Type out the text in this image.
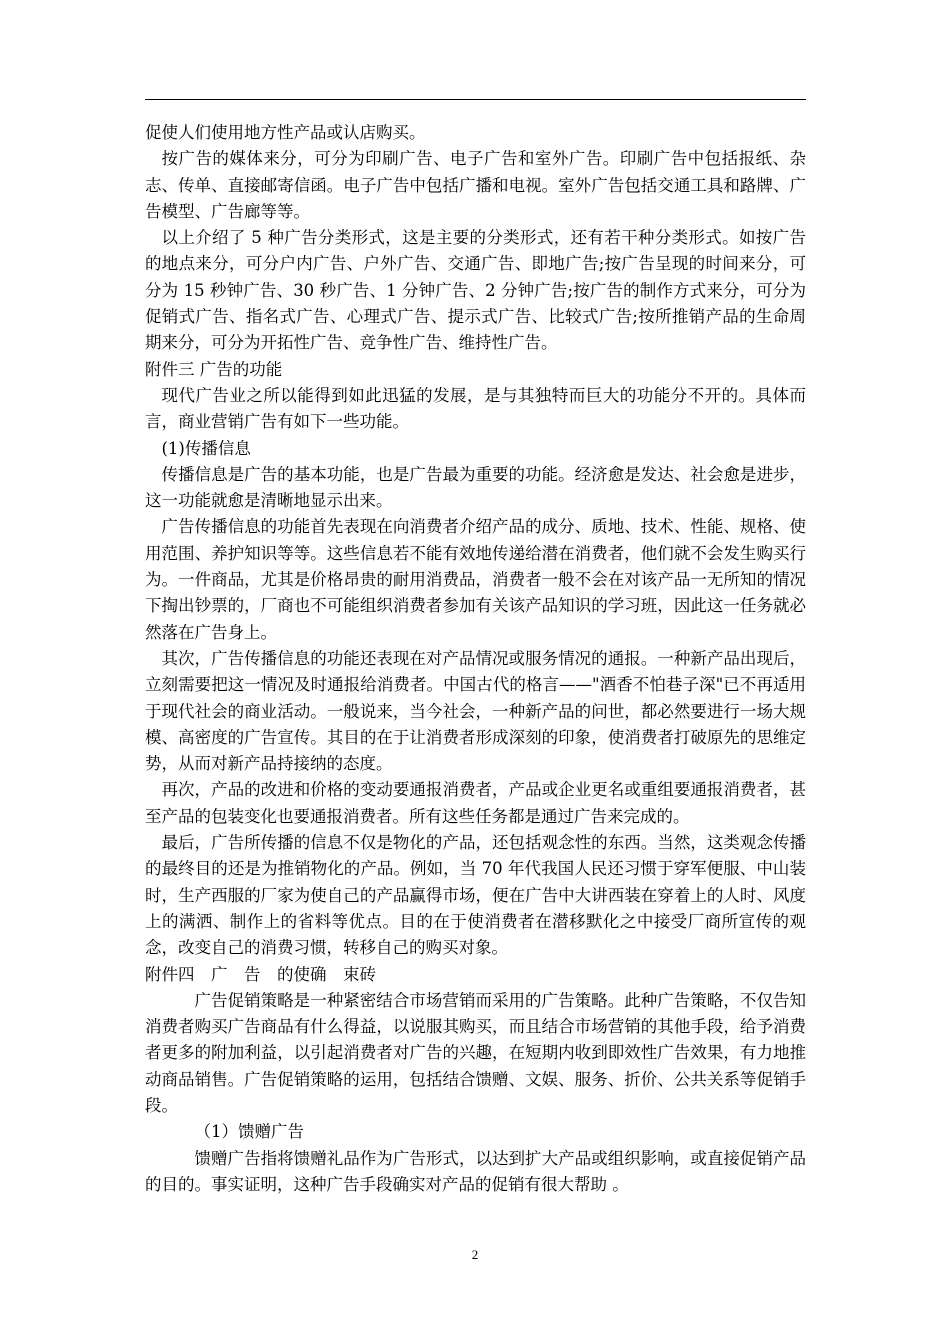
促使人们使用地方性产品或认店购买。

按广告的媒体来分，可分为印刷广告、电子广告和室外广告。印刷广告中包括报纸、杂志、传单、直接邮寄信函。电子广告中包括广播和电视。室外广告包括交通工具和路牌、广告模型、广告廊等等。

以上介绍了 5 种广告分类形式，这是主要的分类形式，还有若干种分类形式。如按广告的地点来分，可分户内广告、户外广告、交通广告、即地广告;按广告呈现的时间来分，可分为 15 秒钟广告、30 秒广告、1 分钟广告、2 分钟广告;按广告的制作方式来分，可分为促销式广告、指名式广告、心理式广告、提示式广告、比较式广告;按所推销产品的生命周期来分，可分为开拓性广告、竞争性广告、维持性广告。

附件三 广告的功能

现代广告业之所以能得到如此迅猛的发展，是与其独特而巨大的功能分不开的。具体而言，商业营销广告有如下一些功能。

(1)传播信息

传播信息是广告的基本功能，也是广告最为重要的功能。经济愈是发达、社会愈是进步，这一功能就愈是清晰地显示出来。

广告传播信息的功能首先表现在向消费者介绍产品的成分、质地、技术、性能、规格、使用范围、养护知识等等。这些信息若不能有效地传递给潜在消费者，他们就不会发生购买行为。一件商品，尤其是价格昂贵的耐用消费品，消费者一般不会在对该产品一无所知的情况下掏出钞票的，厂商也不可能组织消费者参加有关该产品知识的学习班，因此这一任务就必然落在广告身上。

其次，广告传播信息的功能还表现在对产品情况或服务情况的通报。一种新产品出现后，立刻需要把这一情况及时通报给消费者。中国古代的格言——"酒香不怕巷子深"已不再适用于现代社会的商业活动。一般说来，当今社会，一种新产品的问世，都必然要进行一场大规模、高密度的广告宣传。其目的在于让消费者形成深刻的印象，使消费者打破原先的思维定势，从而对新产品持接纳的态度。

再次，产品的改进和价格的变动要通报消费者，产品或企业更名或重组要通报消费者，甚至产品的包装变化也要通报消费者。所有这些任务都是通过广告来完成的。

最后，广告所传播的信息不仅是物化的产品，还包括观念性的东西。当然，这类观念传播的最终目的还是为推销物化的产品。例如，当 70 年代我国人民还习惯于穿军便服、中山装时，生产西服的厂家为使自己的产品赢得市场，便在广告中大讲西装在穿着上的人时、风度上的满洒、制作上的省料等优点。目的在于使消费者在潜移默化之中接受厂商所宣传的观念，改变自己的消费习惯，转移自己的购买对象。

附件四　广　告　的使确　束砖

广告促销策略是一种紧密结合市场营销而采用的广告策略。此种广告策略，不仅告知消费者购买广告商品有什么得益，以说服其购买，而且结合市场营销的其他手段，给予消费者更多的附加利益，以引起消费者对广告的兴趣，在短期内收到即效性广告效果，有力地推动商品销售。广告促销策略的运用，包括结合馈赠、文娱、服务、折价、公共关系等促销手段。

（1）馈赠广告

馈赠广告指将馈赠礼品作为广告形式，以达到扩大产品或组织影响，或直接促销产品的目的。事实证明，这种广告手段确实对产品的促销有很大帮助 。

2
